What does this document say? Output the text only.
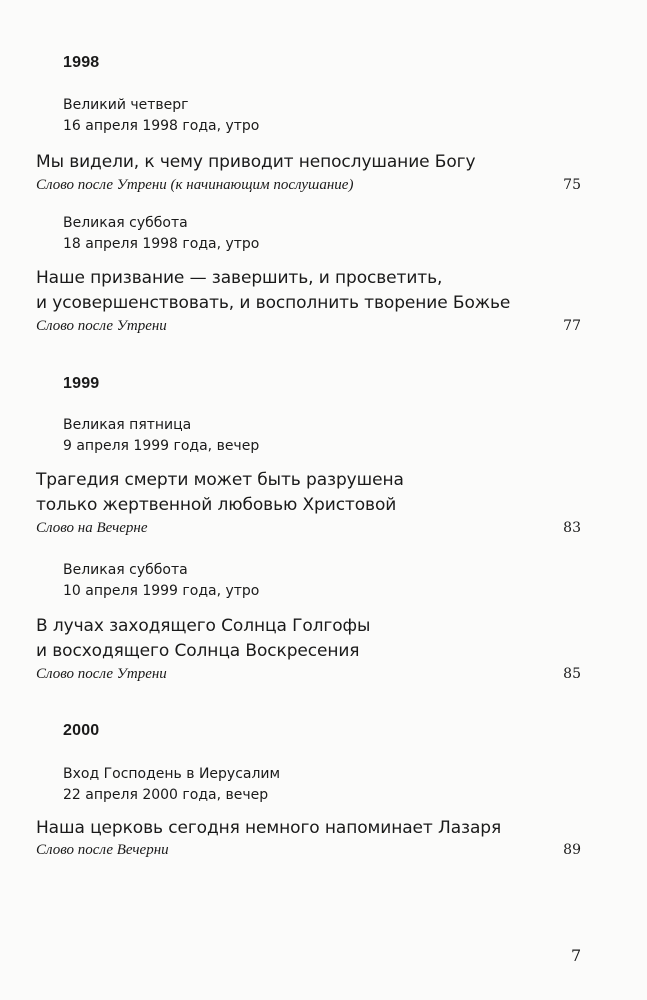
1998
Великий четверг
16 апреля 1998 года, утро
Мы видели, к чему приводит непослушание Богу
Слово после Утрени (к начинающим послушание)	75
Великая суббота
18 апреля 1998 года, утро
Наше призвание — завершить, и просветить,
и усовершенствовать, и восполнить творение Божье
Слово после Утрени	77
1999
Великая пятница
9 апреля 1999 года, вечер
Трагедия смерти может быть разрушена
только жертвенной любовью Христовой
Слово на Вечерне	83
Великая суббота
10 апреля 1999 года, утро
В лучах заходящего Солнца Голгофы
и восходящего Солнца Воскресения
Слово после Утрени	85
2000
Вход Господень в Иерусалим
22 апреля 2000 года, вечер
Наша церковь сегодня немного напоминает Лазаря
Слово после Вечерни	89
7
